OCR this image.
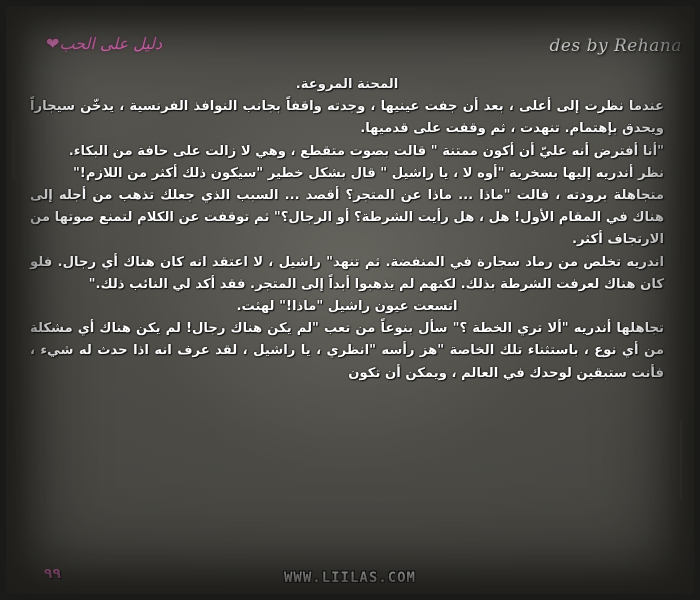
دليل على الحب❤	des by Rehana

المحنة المروعة.

عندما نظرت إلى أعلى ، بعد أن جفت عينيها ، وجدته واقفاً بجانب النوافذ الفرنسية ، يدخّن سيجاراً ويحدق بإهتمام. تنهدت ، ثم وقفت على قدميها.

"أنا أفترض أنه عليّ أن أكون ممتنة " قالت بصوت متقطع ، وهي لا زالت على حافة من البكاء.

نظر أندريه إليها بسخرية "أوه لا ، يا راشيل " قال بشكل خطير "سيكون ذلك أكثر من اللازم!"

متجاهلة برودته ، قالت "ماذا ... ماذا عن المتجر؟ أقصد ... السبب الذي جعلك تذهب من أجله إلى هناك في المقام الأول! هل ، هل رأيت الشرطة؟ أو الرجال؟" ثم توقفت عن الكلام لتمنع صوتها من الارتجاف أكثر.

اندريه تخلص من رماد سجارة في المنفضة. ثم تنهد" راشيل ، لا اعتقد انه كان هناك أي رجال. فلو كان هناك لعرفت الشرطة بذلك. لكنهم لم يذهبوا أبداً إلى المتجر. فقد أكد لي النائب ذلك."

اتسعت عيون راشيل "ماذا!" لهثت.

تجاهلها أندريه "ألا تري الخطة ؟" سأل بنوعاً من تعب "لم يكن هناك رجال! لم يكن هناك أي مشكلة من أي نوع ، باستثناء تلك الخاصة "هز رأسه "انظري ، يا راشيل ، لقد عرف انه اذا حدث له شيء ، فأنت ستبقين لوحدك في العالم ، ويمكن أن تكون

٩٩	WWW.LIILAS.COM
